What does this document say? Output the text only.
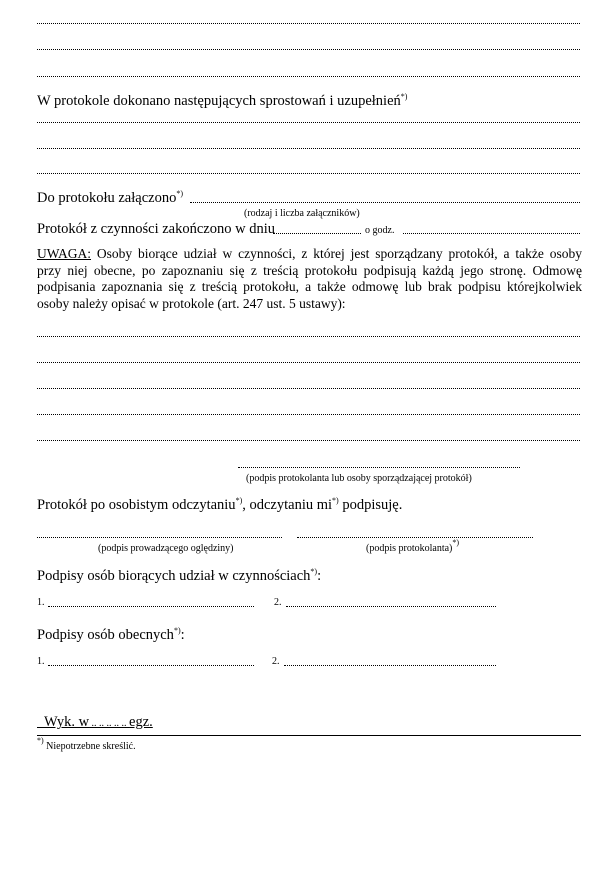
W protokole dokonano następujących sprostowań i uzupełnień*)
Do protokołu załączono*)
(rodzaj i liczba załączników)
Protokół z czynności zakończono w dniu	o godz.
UWAGA: Osoby biorące udział w czynności, z której jest sporządzany protokół, a także osoby
przy niej obecne, po zapoznaniu się z treścią protokołu podpisują każdą jego stronę. Odmowę
podpisania zapoznania się z treścią protokołu, a także odmowę lub brak podpisu którejkolwiek
osoby należy opisać w protokole (art. 247 ust. 5 ustawy):
(podpis protokolanta lub osoby sporządzającej protokół)
Protokół po osobistym odczytaniu*), odczytaniu mi*) podpisuję.
(podpis prowadzącego oględziny)	(podpis protokolanta)*)
Podpisy osób biorących udział w czynnościach*):
1.	2.
Podpisy osób obecnych*):
1.	2.

Wyk. w .. .. .. .. .. egz.

*) Niepotrzebne skreślić.
